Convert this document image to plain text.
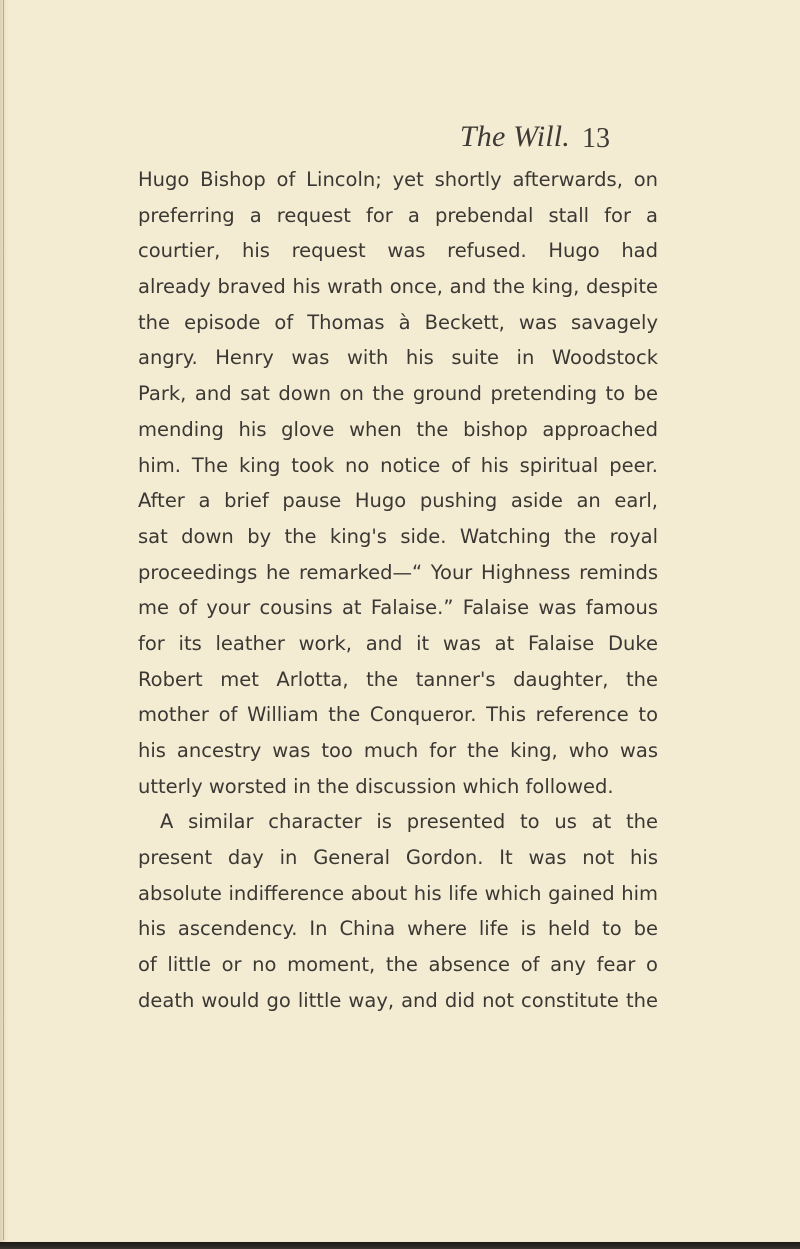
The Will. 13
Hugo Bishop of Lincoln; yet shortly afterwards, on
preferring a request for a prebendal stall for a
courtier, his request was refused. Hugo had
already braved his wrath once, and the king, despite
the episode of Thomas à Beckett, was savagely
angry. Henry was with his suite in Woodstock
Park, and sat down on the ground pretending to be
mending his glove when the bishop approached
him. The king took no notice of his spiritual peer.
After a brief pause Hugo pushing aside an earl,
sat down by the king's side. Watching the royal
proceedings he remarked—“ Your Highness reminds
me of your cousins at Falaise.” Falaise was famous
for its leather work, and it was at Falaise Duke
Robert met Arlotta, the tanner's daughter, the
mother of William the Conqueror. This reference to
his ancestry was too much for the king, who was
utterly worsted in the discussion which followed.
A similar character is presented to us at the
present day in General Gordon. It was not his
absolute indifference about his life which gained him
his ascendency. In China where life is held to be
of little or no moment, the absence of any fear o
death would go little way, and did not constitute the
